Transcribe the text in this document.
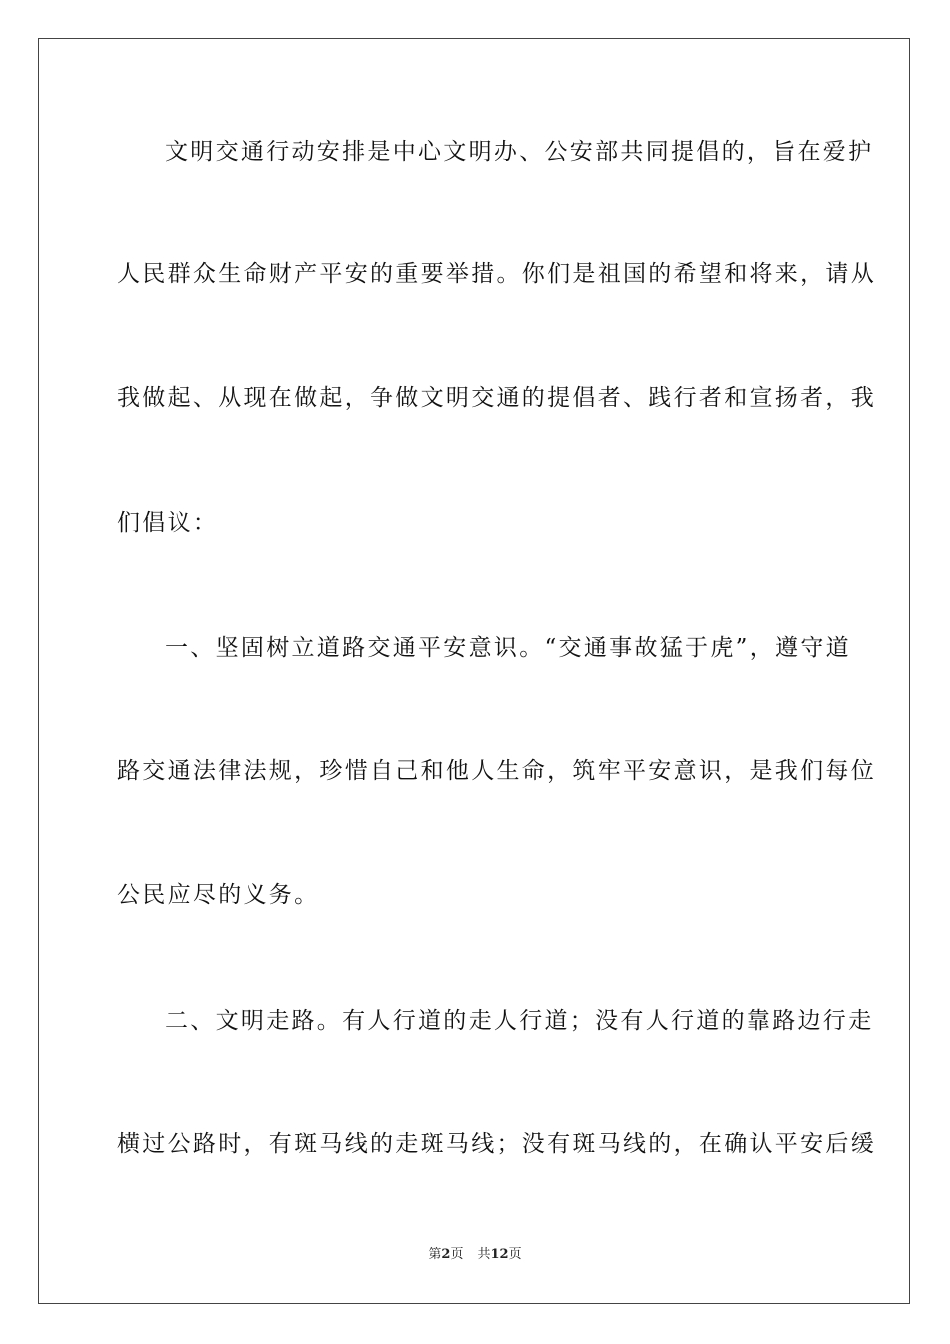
文明交通行动安排是中心文明办、公安部共同提倡的，旨在爱护
人民群众生命财产平安的重要举措。你们是祖国的希望和将来，请从
我做起、从现在做起，争做文明交通的提倡者、践行者和宣扬者，我
们倡议：
一、坚固树立道路交通平安意识。“交通事故猛于虎”，遵守道
路交通法律法规，珍惜自己和他人生命，筑牢平安意识，是我们每位
公民应尽的义务。
二、文明走路。有人行道的走人行道；没有人行道的靠路边行走
横过公路时，有斑马线的走斑马线；没有斑马线的，在确认平安后缓
第2页 共12页
